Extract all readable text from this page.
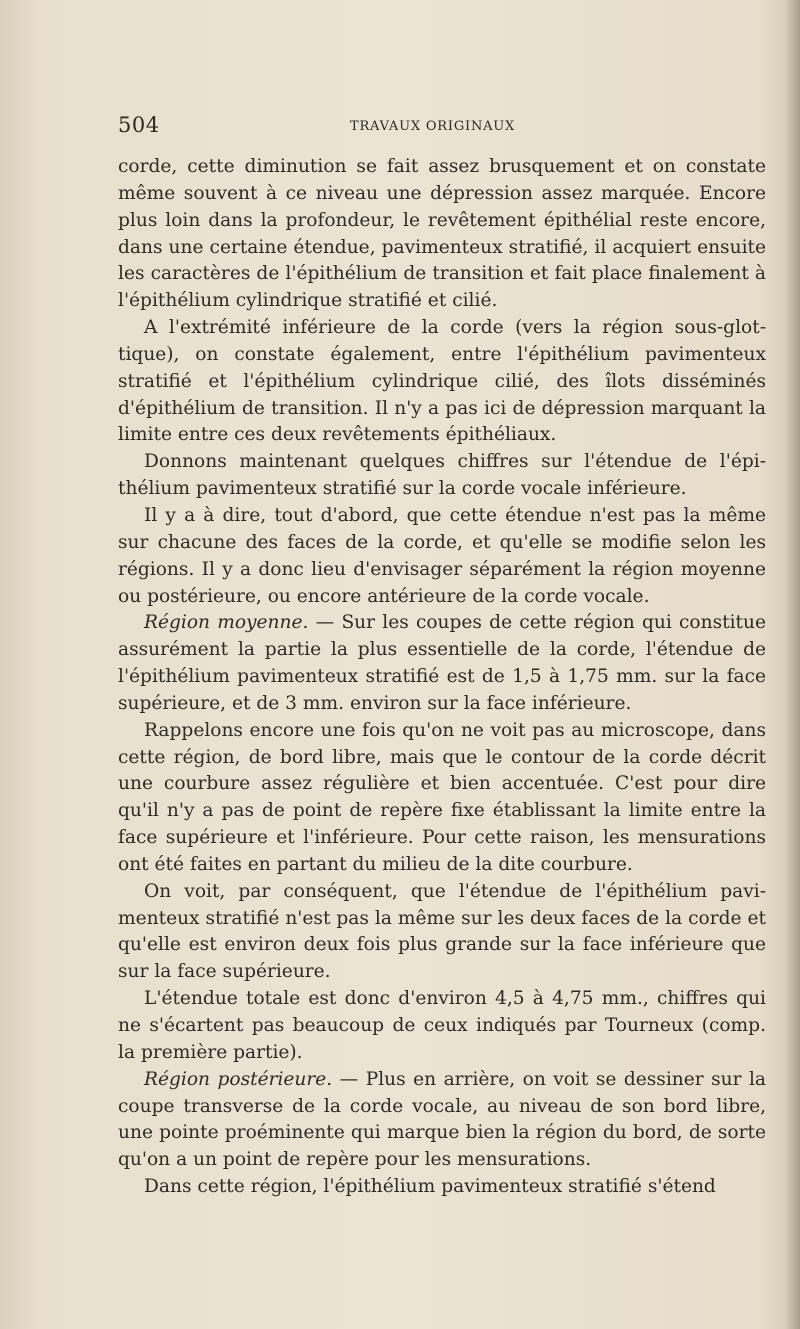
504	TRAVAUX ORIGINAUX

corde, cette diminution se fait assez brusquement et on constate même souvent à ce niveau une dépression assez marquée. Encore plus loin dans la profondeur, le revêtement épithélial reste encore, dans une certaine étendue, pavimenteux stratifié, il acquiert ensuite les caractères de l'épithélium de transition et fait place finalement à l'épithélium cylindrique stratifié et cilié.

A l'extrémité inférieure de la corde (vers la région sous-glottique), on constate également, entre l'épithélium pavimenteux stratifié et l'épithélium cylindrique cilié, des îlots disséminés d'épithélium de transition. Il n'y a pas ici de dépression marquant la limite entre ces deux revêtements épithéliaux.

Donnons maintenant quelques chiffres sur l'étendue de l'épithélium pavimenteux stratifié sur la corde vocale inférieure.

Il y a à dire, tout d'abord, que cette étendue n'est pas la même sur chacune des faces de la corde, et qu'elle se modifie selon les régions. Il y a donc lieu d'envisager séparément la région moyenne ou postérieure, ou encore antérieure de la corde vocale.

Région moyenne. — Sur les coupes de cette région qui constitue assurément la partie la plus essentielle de la corde, l'étendue de l'épithélium pavimenteux stratifié est de 1,5 à 1,75 mm. sur la face supérieure, et de 3 mm. environ sur la face inférieure.

Rappelons encore une fois qu'on ne voit pas au microscope, dans cette région, de bord libre, mais que le contour de la corde décrit une courbure assez régulière et bien accentuée. C'est pour dire qu'il n'y a pas de point de repère fixe établissant la limite entre la face supérieure et l'inférieure. Pour cette raison, les mensurations ont été faites en partant du milieu de la dite courbure.

On voit, par conséquent, que l'étendue de l'épithélium pavimenteux stratifié n'est pas la même sur les deux faces de la corde et qu'elle est environ deux fois plus grande sur la face inférieure que sur la face supérieure.

L'étendue totale est donc d'environ 4,5 à 4,75 mm., chiffres qui ne s'écartent pas beaucoup de ceux indiqués par Tourneux (comp. la première partie).

Région postérieure. — Plus en arrière, on voit se dessiner sur la coupe transverse de la corde vocale, au niveau de son bord libre, une pointe proéminente qui marque bien la région du bord, de sorte qu'on a un point de repère pour les mensurations.

Dans cette région, l'épithélium pavimenteux stratifié s'étend
